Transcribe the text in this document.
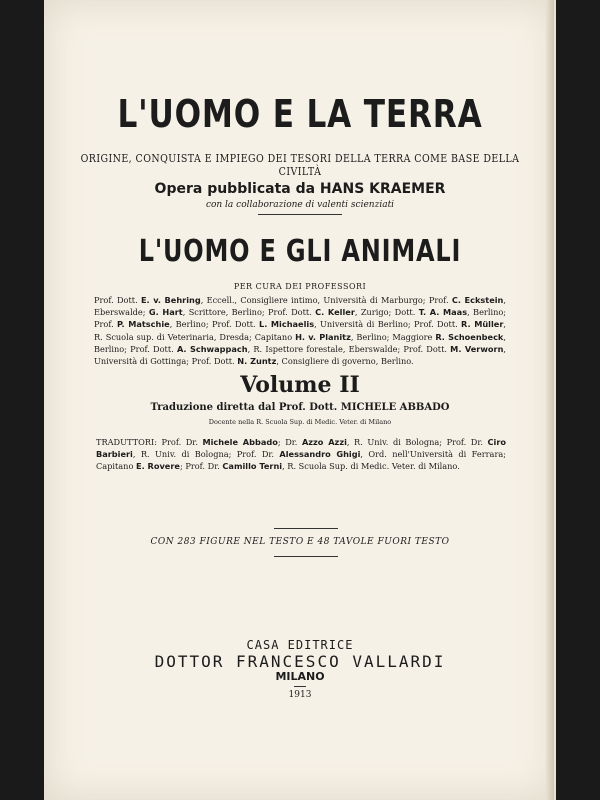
L'UOMO E LA TERRA
ORIGINE, CONQUISTA E IMPIEGO DEI TESORI DELLA TERRA COME BASE DELLA CIVILTÀ
Opera pubblicata da HANS KRAEMER
con la collaborazione di valenti scienziati
L'UOMO E GLI ANIMALI
PER CURA DEI PROFESSORI
Prof. Dott. E. v. Behring, Eccell., Consigliere intimo, Università di Marburgo; Prof. C. Eckstein, Eberswalde; G. Hart, Scrittore, Berlino; Prof. Dott. C. Keller, Zurigo; Dott. T. A. Maas, Berlino; Prof. P. Matschie, Berlino; Prof. Dott. L. Michaelis, Università di Berlino; Prof. Dott. R. Müller, R. Scuola sup. di Veterinaria, Dresda; Capitano H. v. Planitz, Berlino; Maggiore R. Schoenbeck, Berlino; Prof. Dott. A. Schwappach, R. Ispettore forestale, Eberswalde; Prof. Dott. M. Verworn, Università di Gottinga; Prof. Dott. N. Zuntz, Consigliere di governo, Berlino.
Volume II
Traduzione diretta dal Prof. Dott. MICHELE ABBADO
Docente nella R. Scuola Sup. di Medic. Veter. di Milano
TRADUTTORI: Prof. Dr. Michele Abbado; Dr. Azzo Azzi, R. Univ. di Bologna; Prof. Dr. Ciro Barbieri, R. Univ. di Bologna; Prof. Dr. Alessandro Ghigi, Ord. nell'Università di Ferrara; Capitano E. Rovere; Prof. Dr. Camillo Terni, R. Scuola Sup. di Medic. Veter. di Milano.
CON 283 FIGURE NEL TESTO E 48 TAVOLE FUORI TESTO
CASA EDITRICE
DOTTOR FRANCESCO VALLARDI
MILANO
1913
